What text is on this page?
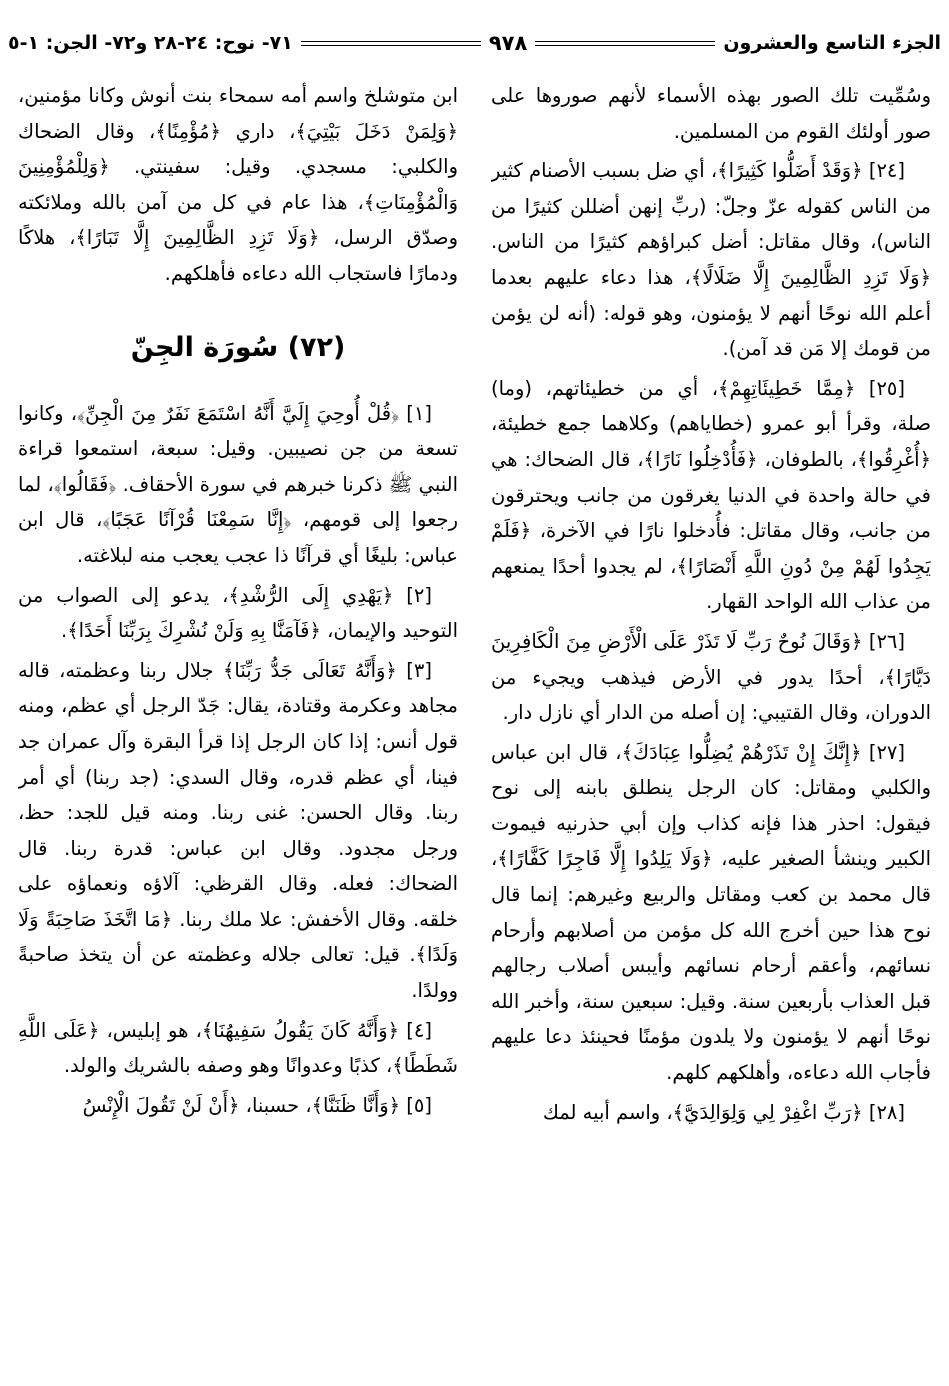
الجزء التاسع والعشرون
٩٧٨
٧١- نوح: ٢٤-٢٨ و٧٢- الجن: ١-٥

وسُمِّيت تلك الصور بهذه الأسماء لأنهم صوروها على صور أولئك القوم من المسلمين.

[٢٤] ﴿وَقَدْ أَضَلُّوا كَثِيرًا﴾، أي ضل بسبب الأصنام كثير من الناس كقوله عزّ وجلّ: (ربِّ إنهن أضللن كثيرًا من الناس)، وقال مقاتل: أضل كبراؤهم كثيرًا من الناس. ﴿وَلَا تَزِدِ الظَّالِمِينَ إِلَّا ضَلَالًا﴾، هذا دعاء عليهم بعدما أعلم الله نوحًا أنهم لا يؤمنون، وهو قوله: (أنه لن يؤمن من قومك إلا مَن قد آمن).

[٢٥] ﴿مِمَّا خَطِيئَاتِهِمْ﴾، أي من خطيئاتهم، (وما) صلة، وقرأ أبو عمرو (خطاياهم) وكلاهما جمع خطيئة، ﴿أُغْرِقُوا﴾، بالطوفان، ﴿فَأُدْخِلُوا نَارًا﴾، قال الضحاك: هي في حالة واحدة في الدنيا يغرقون من جانب ويحترقون من جانب، وقال مقاتل: فأُدخلوا نارًا في الآخرة، ﴿فَلَمْ يَجِدُوا لَهُمْ مِنْ دُونِ اللَّهِ أَنْصَارًا﴾، لم يجدوا أحدًا يمنعهم من عذاب الله الواحد القهار.

[٢٦] ﴿وَقَالَ نُوحٌ رَبِّ لَا تَذَرْ عَلَى الْأَرْضِ مِنَ الْكَافِرِينَ دَيَّارًا﴾، أحدًا يدور في الأرض فيذهب ويجيء من الدوران، وقال القتيبي: إن أصله من الدار أي نازل دار.

[٢٧] ﴿إِنَّكَ إِنْ تَذَرْهُمْ يُضِلُّوا عِبَادَكَ﴾، قال ابن عباس والكلبي ومقاتل: كان الرجل ينطلق بابنه إلى نوح فيقول: احذر هذا فإنه كذاب وإن أبي حذرنيه فيموت الكبير وينشأ الصغير عليه، ﴿وَلَا يَلِدُوا إِلَّا فَاجِرًا كَفَّارًا﴾، قال محمد بن كعب ومقاتل والربيع وغيرهم: إنما قال نوح هذا حين أخرج الله كل مؤمن من أصلابهم وأرحام نسائهم، وأعقم أرحام نسائهم وأيبس أصلاب رجالهم قبل العذاب بأربعين سنة. وقيل: سبعين سنة، وأخبر الله نوحًا أنهم لا يؤمنون ولا يلدون مؤمنًا فحينئذ دعا عليهم فأجاب الله دعاءه، وأهلكهم كلهم.

[٢٨] ﴿رَبِّ اغْفِرْ لِي وَلِوَالِدَيَّ﴾، واسم أبيه لمك

ابن متوشلخ واسم أمه سمحاء بنت أنوش وكانا مؤمنين، ﴿وَلِمَنْ دَخَلَ بَيْتِيَ﴾، داري ﴿مُؤْمِنًا﴾، وقال الضحاك والكلبي: مسجدي. وقيل: سفينتي. ﴿وَلِلْمُؤْمِنِينَ وَالْمُؤْمِنَاتِ﴾، هذا عام في كل من آمن بالله وملائكته وصدّق الرسل، ﴿وَلَا تَزِدِ الظَّالِمِينَ إِلَّا تَبَارًا﴾، هلاكًا ودمارًا فاستجاب الله دعاءه فأهلكهم.

(٧٢) سُورَة الجِنّ

[١] ﴿قُلْ أُوحِيَ إِلَيَّ أَنَّهُ اسْتَمَعَ نَفَرٌ مِنَ الْجِنِّ﴾، وكانوا تسعة من جن نصيبين. وقيل: سبعة، استمعوا قراءة النبي ﷺ ذكرنا خبرهم في سورة الأحقاف. ﴿فَقَالُوا﴾، لما رجعوا إلى قومهم، ﴿إِنَّا سَمِعْنَا قُرْآنًا عَجَبًا﴾، قال ابن عباس: بليغًا أي قرآنًا ذا عجب يعجب منه لبلاغته.

[٢] ﴿يَهْدِي إِلَى الرُّشْدِ﴾، يدعو إلى الصواب من التوحيد والإيمان، ﴿فَآمَنَّا بِهِ وَلَنْ نُشْرِكَ بِرَبِّنَا أَحَدًا﴾.

[٣] ﴿وَأَنَّهُ تَعَالَى جَدُّ رَبِّنَا﴾ جلال ربنا وعظمته، قاله مجاهد وعكرمة وقتادة، يقال: جَدّ الرجل أي عظم، ومنه قول أنس: إذا كان الرجل إذا قرأ البقرة وآل عمران جد فينا، أي عظم قدره، وقال السدي: (جد ربنا) أي أمر ربنا. وقال الحسن: غنى ربنا. ومنه قيل للجد: حظ، ورجل مجدود. وقال ابن عباس: قدرة ربنا. قال الضحاك: فعله. وقال القرظي: آلاؤه ونعماؤه على خلقه. وقال الأخفش: علا ملك ربنا. ﴿مَا اتَّخَذَ صَاحِبَةً وَلَا وَلَدًا﴾. قيل: تعالى جلاله وعظمته عن أن يتخذ صاحبةً وولدًا.

[٤] ﴿وَأَنَّهُ كَانَ يَقُولُ سَفِيهُنَا﴾، هو إبليس، ﴿عَلَى اللَّهِ شَطَطًا﴾، كذبًا وعدوانًا وهو وصفه بالشريك والولد.

[٥] ﴿وَأَنَّا ظَنَنَّا﴾، حسبنا، ﴿أَنْ لَنْ تَقُولَ الْإِنْسُ
